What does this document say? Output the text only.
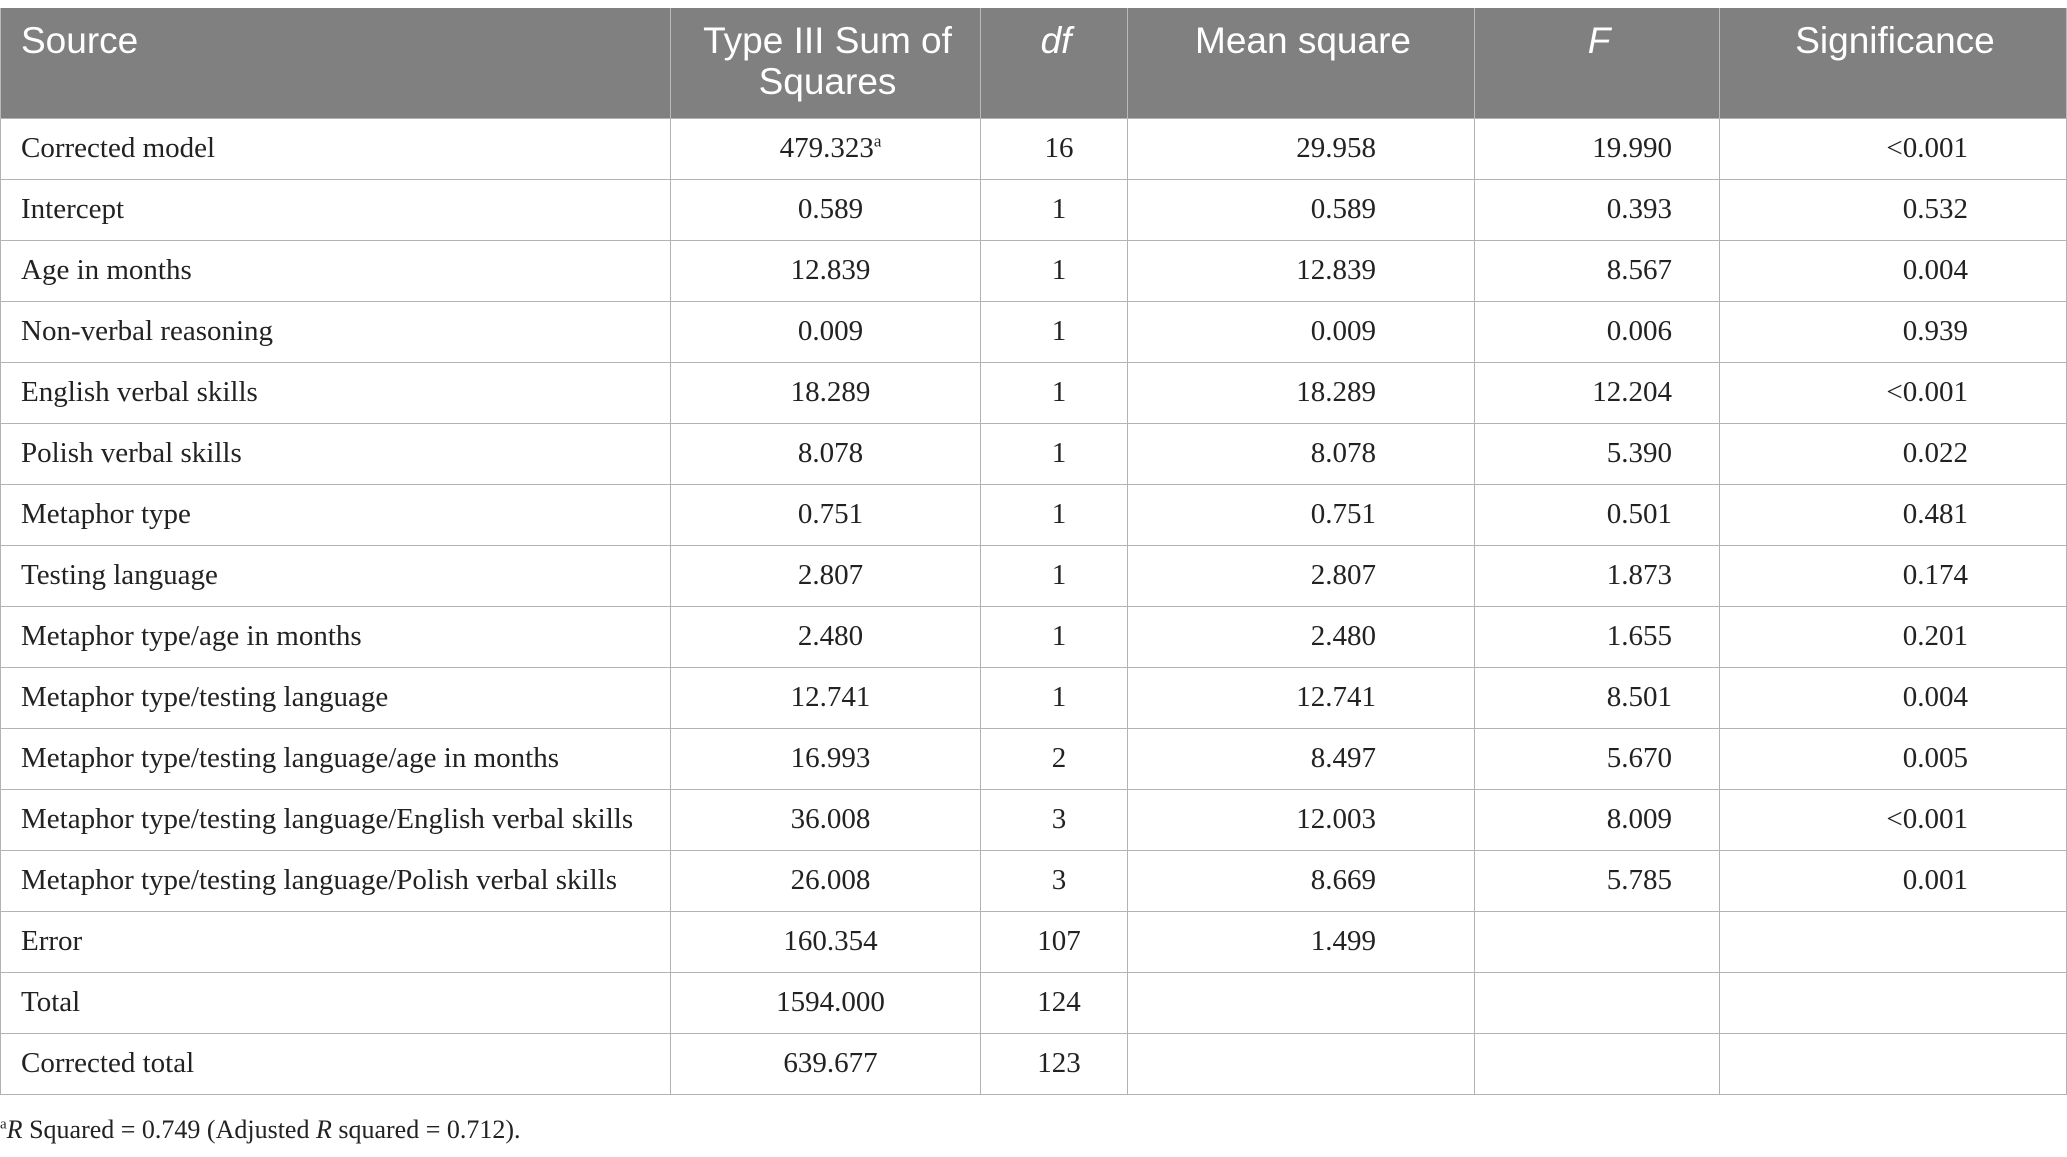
Source	Type III Sum of Squares	df	Mean square	F	Significance
Corrected model	479.323$^a$	16	29.958	19.990	<0.001
Intercept	0.589	1	0.589	0.393	0.532
Age in months	12.839	1	12.839	8.567	0.004
Non-verbal reasoning	0.009	1	0.009	0.006	0.939
English verbal skills	18.289	1	18.289	12.204	<0.001
Polish verbal skills	8.078	1	8.078	5.390	0.022
Metaphor type	0.751	1	0.751	0.501	0.481
Testing language	2.807	1	2.807	1.873	0.174
Metaphor type/age in months	2.480	1	2.480	1.655	0.201
Metaphor type/testing language	12.741	1	12.741	8.501	0.004
Metaphor type/testing language/age in months	16.993	2	8.497	5.670	0.005
Metaphor type/testing language/English verbal skills	36.008	3	12.003	8.009	<0.001
Metaphor type/testing language/Polish verbal skills	26.008	3	8.669	5.785	0.001
Error	160.354	107	1.499		
Total	1594.000	124			
Corrected total	639.677	123			
$^a$R Squared = 0.749 (Adjusted R squared = 0.712).
